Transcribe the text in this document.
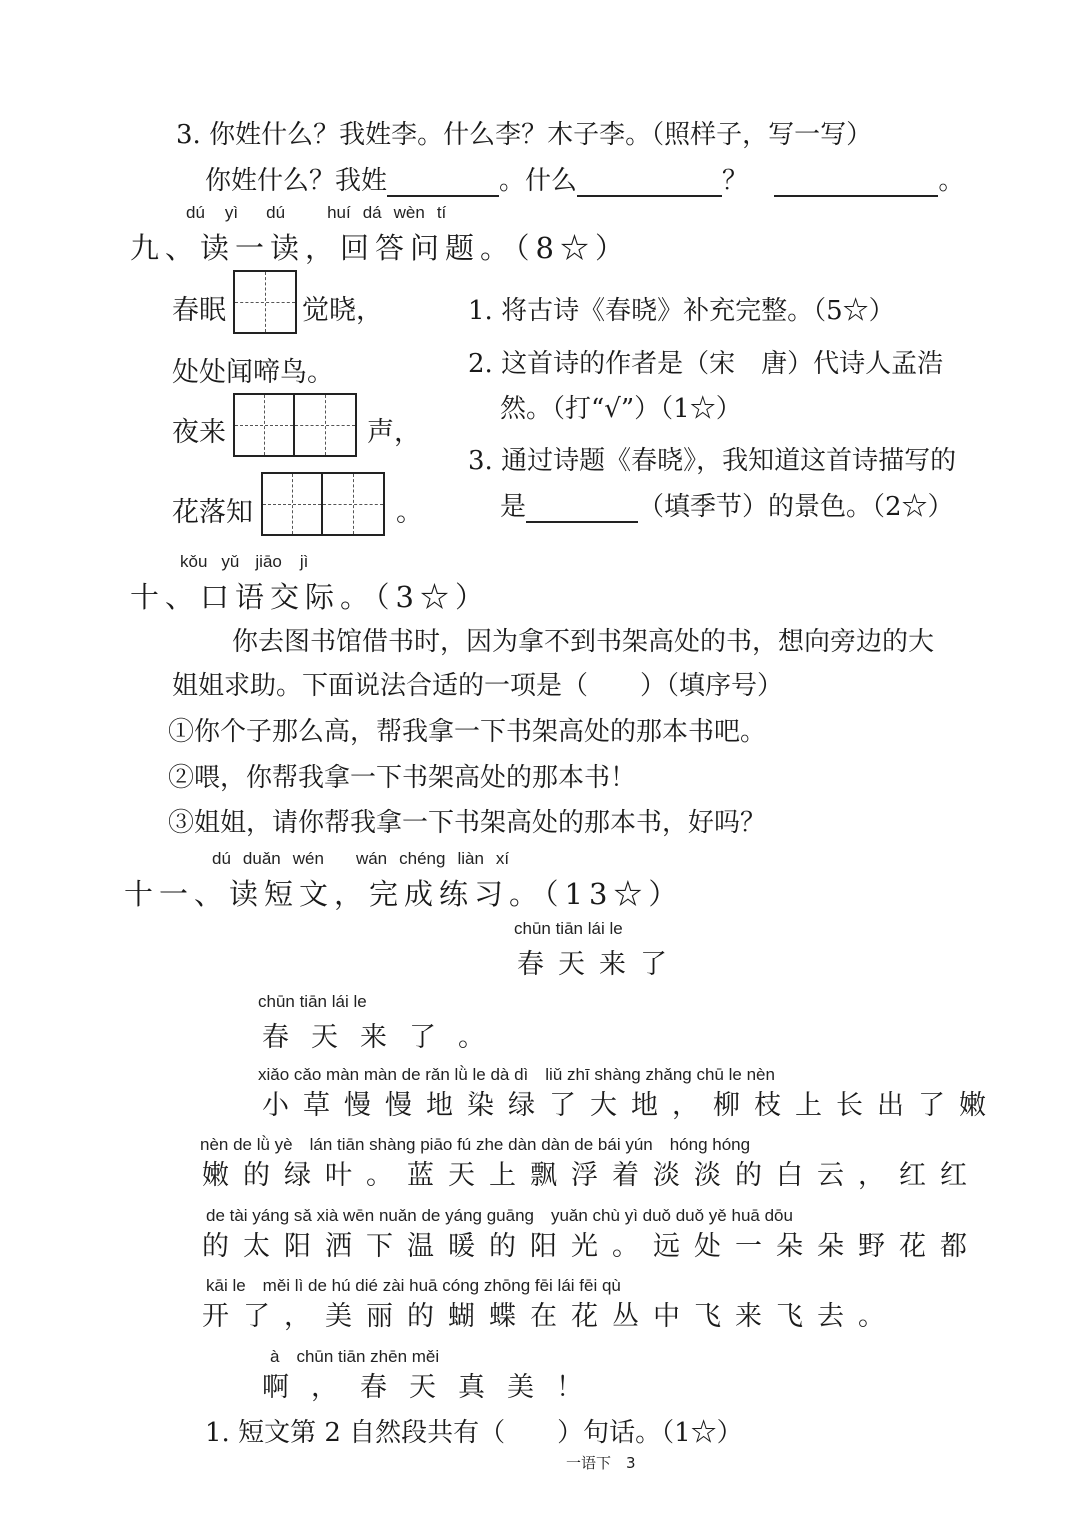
3. 你姓什么？我姓李。什么李？木子李。（照样子，写一写）
你姓什么？我姓	。什么	？	。
dú yì dú huí dá wèn tí
九、读一读，回答问题。（8☆）
春眠	觉晓，
处处闻啼鸟。
夜来	声，
花落知	。
1. 将古诗《春晓》补充完整。（5☆）
2. 这首诗的作者是（宋　唐）代诗人孟浩
然。（打“√”）（1☆）
3. 通过诗题《春晓》，我知道这首诗描写的
是	（填季节）的景色。（2☆）
kǒu yǔ jiāo jì
十、口语交际。（3☆）
你去图书馆借书时，因为拿不到书架高处的书，想向旁边的大
姐姐求助。下面说法合适的一项是（　　）（填序号）
①你个子那么高，帮我拿一下书架高处的那本书吧。
②喂，你帮我拿一下书架高处的那本书！
③姐姐，请你帮我拿一下书架高处的那本书，好吗？
dú duǎn wén wán chéng liàn xí
十一、读短文，完成练习。（13☆）
chūn tiān lái le
春天来了
chūn tiān lái le
春天来了。
xiǎo cǎo màn màn de rǎn lǜ le dà dì　liǔ zhī shàng zhǎng chū le nèn
小草慢慢地染绿了大地，柳枝上长出了嫩
nèn de lǜ yè　lán tiān shàng piāo fú zhe dàn dàn de bái yún　hóng hóng
嫩的绿叶。蓝天上飘浮着淡淡的白云，红红
de tài yáng sǎ xià wēn nuǎn de yáng guāng　yuǎn chù yì duǒ duǒ yě huā dōu
的太阳洒下温暖的阳光。远处一朵朵野花都
kāi le　měi lì de hú dié zài huā cóng zhōng fēi lái fēi qù
开了，美丽的蝴蝶在花丛中飞来飞去。
à　chūn tiān zhēn měi
啊，春天真美！
1. 短文第 2 自然段共有（　　）句话。（1☆）
一语下　3
